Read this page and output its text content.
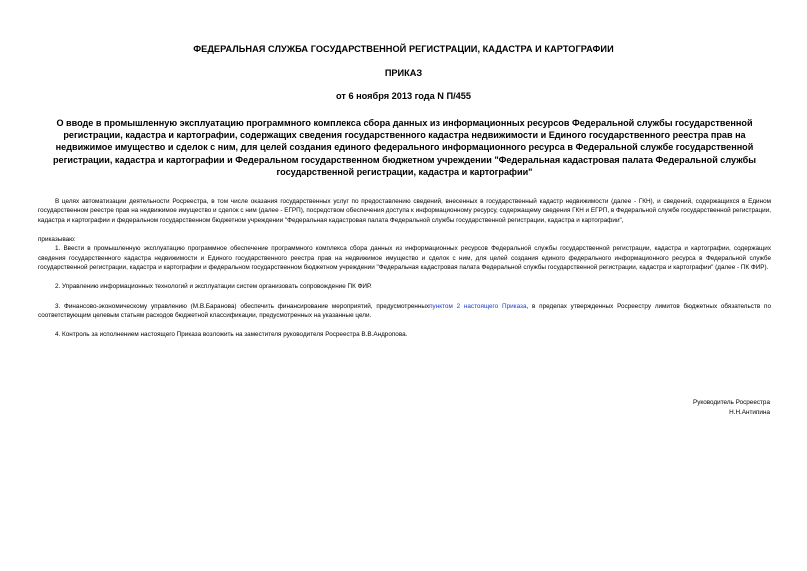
ФЕДЕРАЛЬНАЯ СЛУЖБА ГОСУДАРСТВЕННОЙ РЕГИСТРАЦИИ, КАДАСТРА И КАРТОГРАФИИ
ПРИКАЗ
от 6 ноября 2013 года N П/455
О вводе в промышленную эксплуатацию программного комплекса сбора данных из информационных ресурсов Федеральной службы государственной регистрации, кадастра и картографии, содержащих сведения государственного кадастра недвижимости и Единого государственного реестра прав на недвижимое имущество и сделок с ним, для целей создания единого федерального информационного ресурса в Федеральной службе государственной регистрации, кадастра и картографии и Федеральном государственном бюджетном учреждении "Федеральная кадастровая палата Федеральной службы государственной регистрации, кадастра и картографии"

В целях автоматизации деятельности Росреестра, в том числе оказания государственных услуг по предоставлению сведений, внесенных в государственный кадастр недвижимости (далее - ГКН), и сведений, содержащихся в Едином государственном реестре прав на недвижимое имущество и сделок с ним (далее - ЕГРП), посредством обеспечения доступа к информационному ресурсу, содержащему сведения ГКН и ЕГРП, в Федеральной службе государственной регистрации, кадастра и картографии и федеральном государственном бюджетном учреждении "Федеральная кадастровая палата Федеральной службы государственной регистрации, кадастра и картографии",

приказываю:

1. Ввести в промышленную эксплуатацию программное обеспечение программного комплекса сбора данных из информационных ресурсов Федеральной службы государственной регистрации, кадастра и картографии, содержащих сведения государственного кадастра недвижимости и Единого государственного реестра прав на недвижимое имущество и сделок с ним, для целей создания единого федерального информационного ресурса в Федеральной службе государственной регистрации, кадастра и картографии и федеральном государственном бюджетном учреждении "Федеральная кадастровая палата Федеральной службы государственной регистрации, кадастра и картографии" (далее - ПК ФИР).

2. Управлению информационных технологий и эксплуатации систем организовать сопровождение ПК ФИР.

3. Финансово-экономическому управлению (М.В.Баранова) обеспечить финансирование мероприятий, предусмотренныхпунктом 2 настоящего Приказа, в пределах утвержденных Росреестру лимитов бюджетных обязательств по соответствующим целевым статьям расходов бюджетной классификации, предусмотренных на указанные цели.

4. Контроль за исполнением настоящего Приказа возложить на заместителя руководителя Росреестра В.В.Андропова.

Руководитель Росреестра
Н.Н.Антипина
